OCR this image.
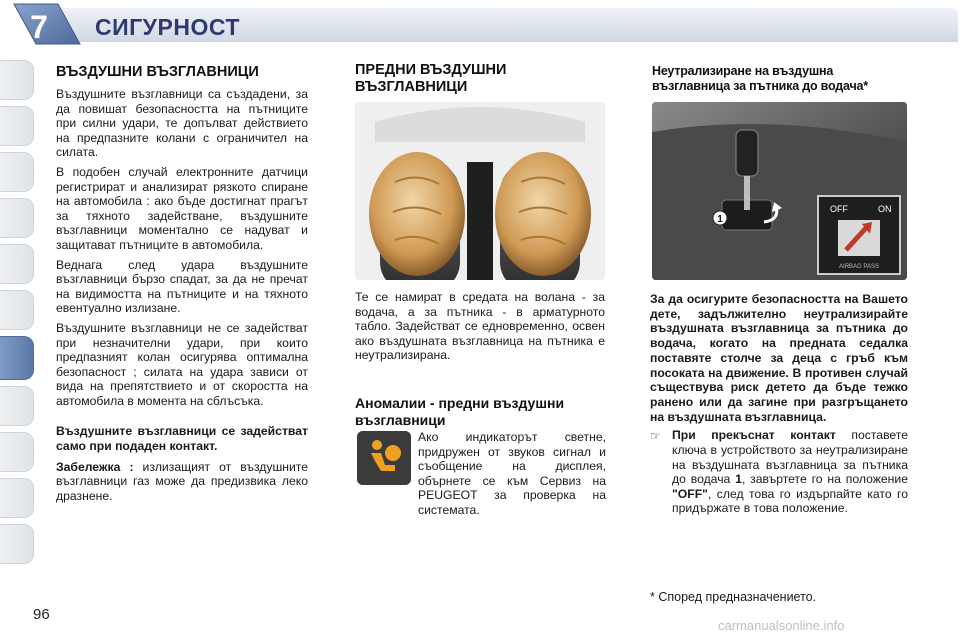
7	СИГУРНОСТ
ВЪЗДУШНИ ВЪЗГЛАВНИЦИ
Въздушните възглавници са създадени, за да повишат безопасността на пътниците при силни удари, те допълват действието на предпазните колани с ограничител на силата.
В подобен случай електронните датчици регистрират и анализират рязкото спиране на автомобила : ако бъде достигнат прагът за тяхното задействане, въздушните възглавници моментално се надуват и защитават пътниците в автомобила.
Веднага след удара въздушните възглавници бързо спадат, за да не пречат на видимостта на пътниците и на тяхното евентуално излизане.
Въздушните възглавници не се задействат при незначителни удари, при които предпазният колан осигурява оптимална безопасност ; силата на удара зависи от вида на препятствието и от скоростта на автомобила в момента на сблъсъка.
Въздушните възглавници се задействат само при подаден контакт.
Забележка : излизащият от въздушните възглавници газ може да предизвика леко дразнене.
ПРЕДНИ ВЪЗДУШНИ ВЪЗГЛАВНИЦИ
Те се намират в средата на волана - за водача, а за пътника - в арматурното табло. Задействат се едновременно, освен ако въздушната възглавница на пътника е неутрализирана.
Аномалии - предни въздушни възглавници
Ако индикаторът светне, придружен от звуков сигнал и съобщение на дисплея, обърнете се към Сервиз на PEUGEOT за проверка на системата.
Неутрализиране на въздушна възглавница за пътника до водача*
1
OFF	ON
AIRBAG PASS
За да осигурите безопасността на Вашето дете, задължително неутрализирайте въздушната възглавница за пътника до водача, когато на предната седалка поставяте столче за деца с гръб към посоката на движение. В противен случай съществува риск детето да бъде тежко ранено или да загине при разгръщането на въздушната възглавница.
☞ При прекъснат контакт поставете ключа в устройството за неутрализиране на въздушната възглавница за пътника до водача 1, завъртете го на положение "OFF", след това го издърпайте като го придържате в това положение.
* Според предназначението.
96
carmanualsonline.info
